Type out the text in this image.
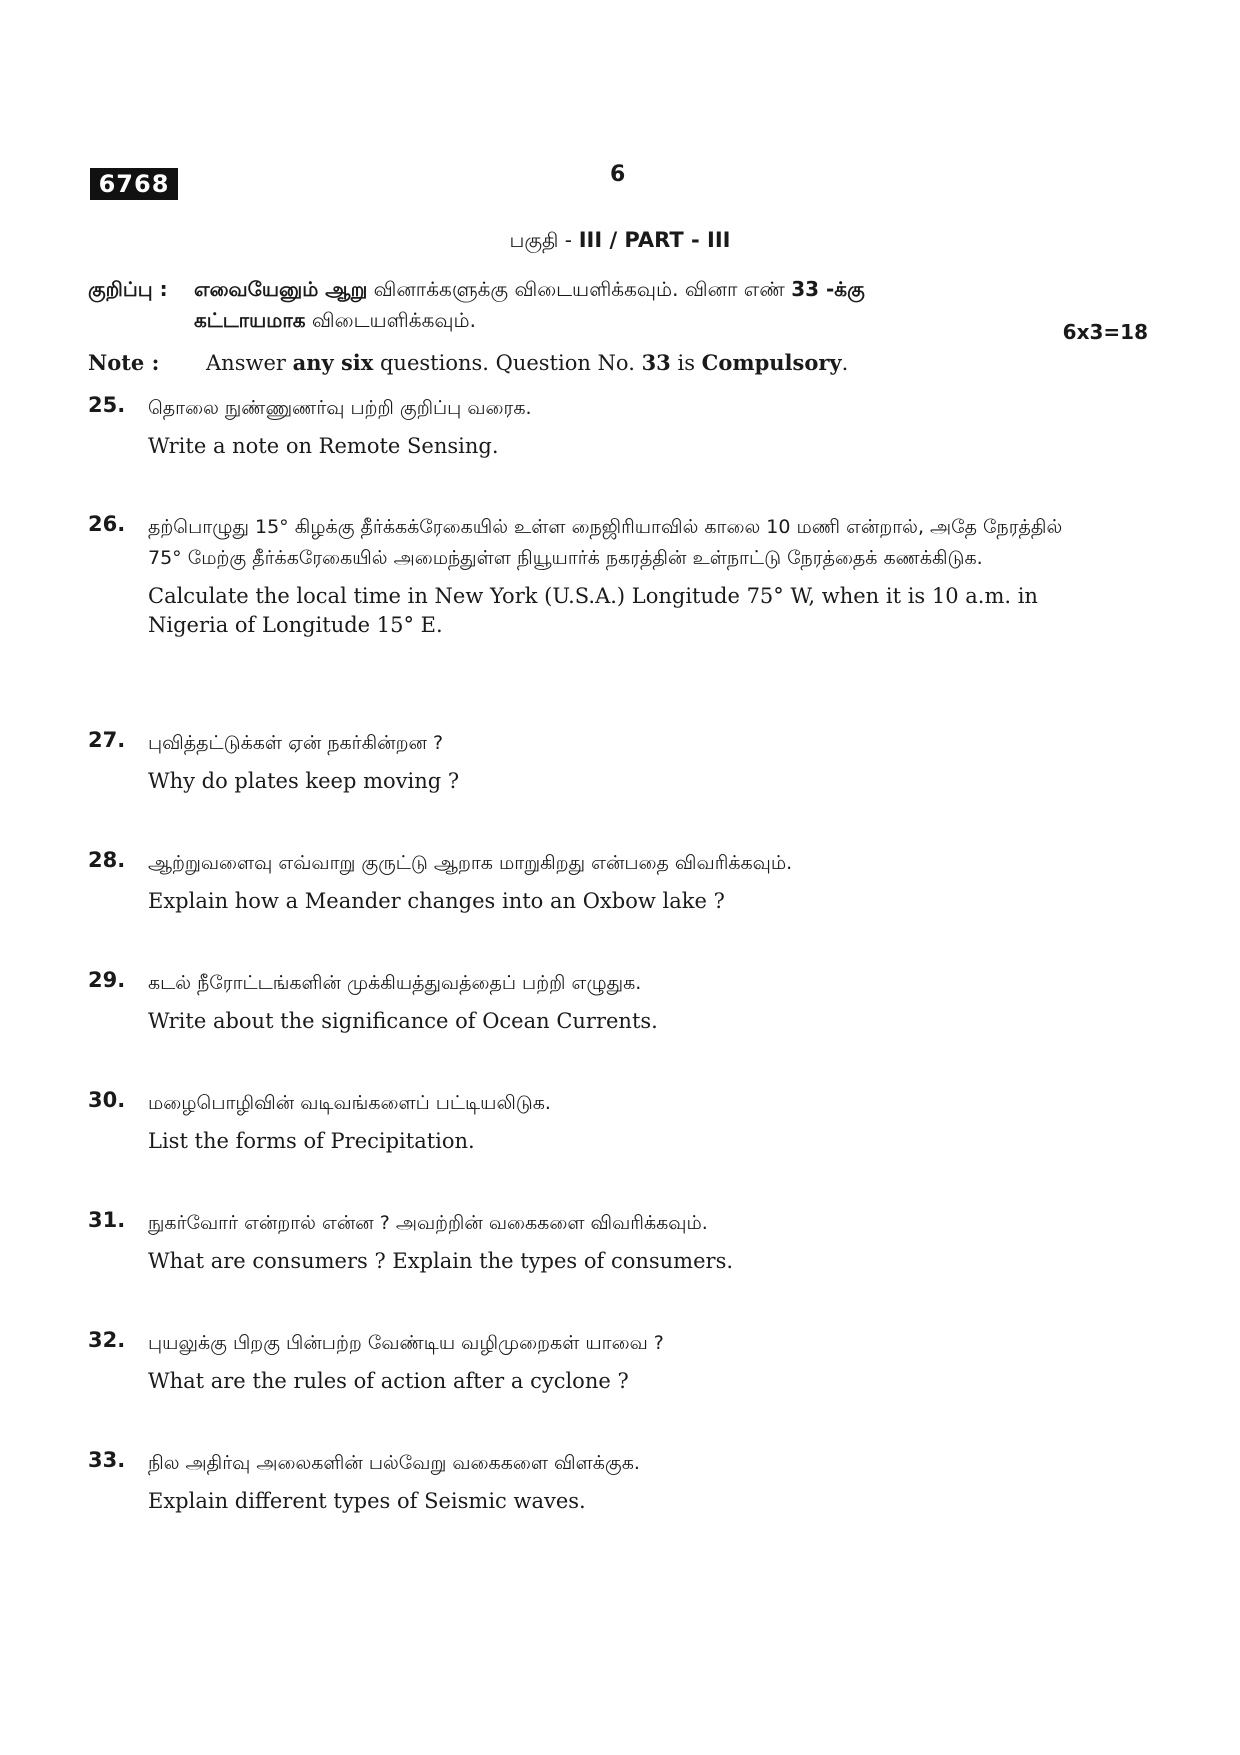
6768	6
பகுதி - III / PART - III
குறிப்பு : எவையேனும் ஆறு வினாக்களுக்கு விடையளிக்கவும். வினா எண் 33 -க்கு
கட்டாயமாக விடையளிக்கவும்.	6x3=18
Note : Answer any six questions. Question No. 33 is Compulsory.
25. தொலை நுண்ணுணர்வு பற்றி குறிப்பு வரைக.
Write a note on Remote Sensing.
26. தற்பொழுது 15° கிழக்கு தீர்க்கக்ரேகையில் உள்ள நைஜிரியாவில் காலை 10 மணி என்றால், அதே நேரத்தில் 75° மேற்கு தீர்க்கரேகையில் அமைந்துள்ள நியூயார்க் நகரத்தின் உள்நாட்டு நேரத்தைக் கணக்கிடுக.
Calculate the local time in New York (U.S.A.) Longitude 75° W, when it is 10 a.m. in Nigeria of Longitude 15° E.
27. புவித்தட்டுக்கள் ஏன் நகர்கின்றன ?
Why do plates keep moving ?
28. ஆற்றுவளைவு எவ்வாறு குருட்டு ஆறாக மாறுகிறது என்பதை விவரிக்கவும்.
Explain how a Meander changes into an Oxbow lake ?
29. கடல் நீரோட்டங்களின் முக்கியத்துவத்தைப் பற்றி எழுதுக.
Write about the significance of Ocean Currents.
30. மழைபொழிவின் வடிவங்களைப் பட்டியலிடுக.
List the forms of Precipitation.
31. நுகர்வோர் என்றால் என்ன ? அவற்றின் வகைகளை விவரிக்கவும்.
What are consumers ? Explain the types of consumers.
32. புயலுக்கு பிறகு பின்பற்ற வேண்டிய வழிமுறைகள் யாவை ?
What are the rules of action after a cyclone ?
33. நில அதிர்வு அலைகளின் பல்வேறு வகைகளை விளக்குக.
Explain different types of Seismic waves.
